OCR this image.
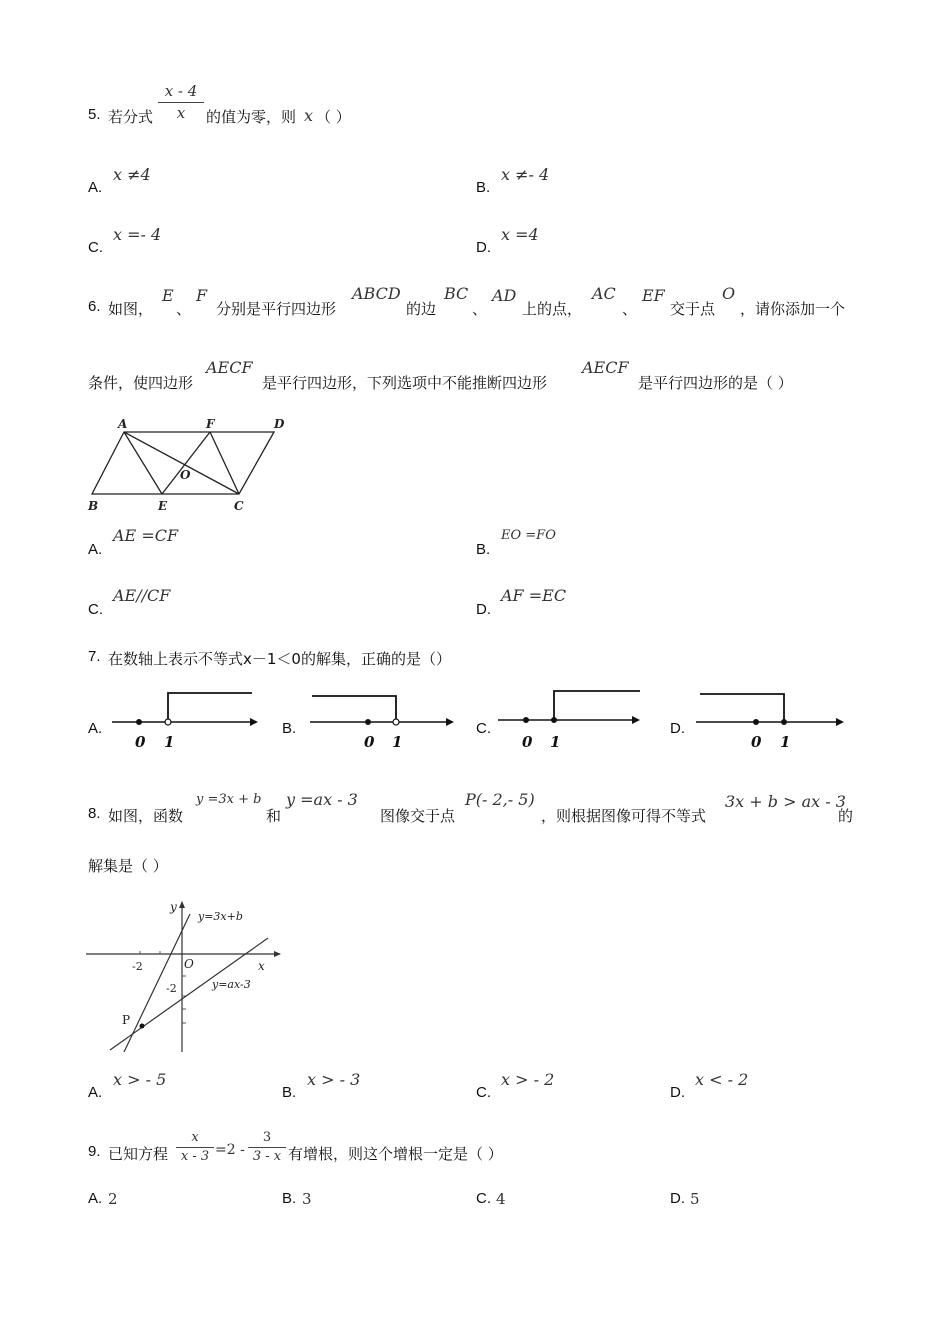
5. 若分式
x - 4
x	的值为零，则 x （ ）
A.
x ≠4
B.
x ≠- 4
C.
x =- 4
D.
x =4
6. 如图，
E
、
F
分别是平行四边形
ABCD
的边
BC
、
AD
上的点，
AC
、
EF
交于点
O
，请你添加一个
条件，使四边形
AECF
是平行四边形，下列选项中不能推断四边形
AECF
是平行四边形的是（ ）
A	F	D
B	E	C
O
A.
AE =CF
B.
EO =FO
C.
AE//CF
D.
AF =EC
7. 在数轴上表示不等式x－1＜0的解集，正确的是（）
A.
0 1
B.
0 1
C.
0 1
D.
0 1
8. 如图，函数
y =3x + b
和
y =ax - 3
图像交于点
P(- 2,- 5)
，则根据图像可得不等式
3x + b > ax - 3
的
解集是（ ）
y
x
O
-2
-2
y=3x+b
y=ax-3
P
A.
x > - 5
B.
x > - 3
C.
x > - 2
D.
x < - 2
9. 已知方程
x
x - 3 =2 -
3
3 - x 有增根，则这个增根一定是（ ）
A. 2	B. 3	C. 4	D. 5
